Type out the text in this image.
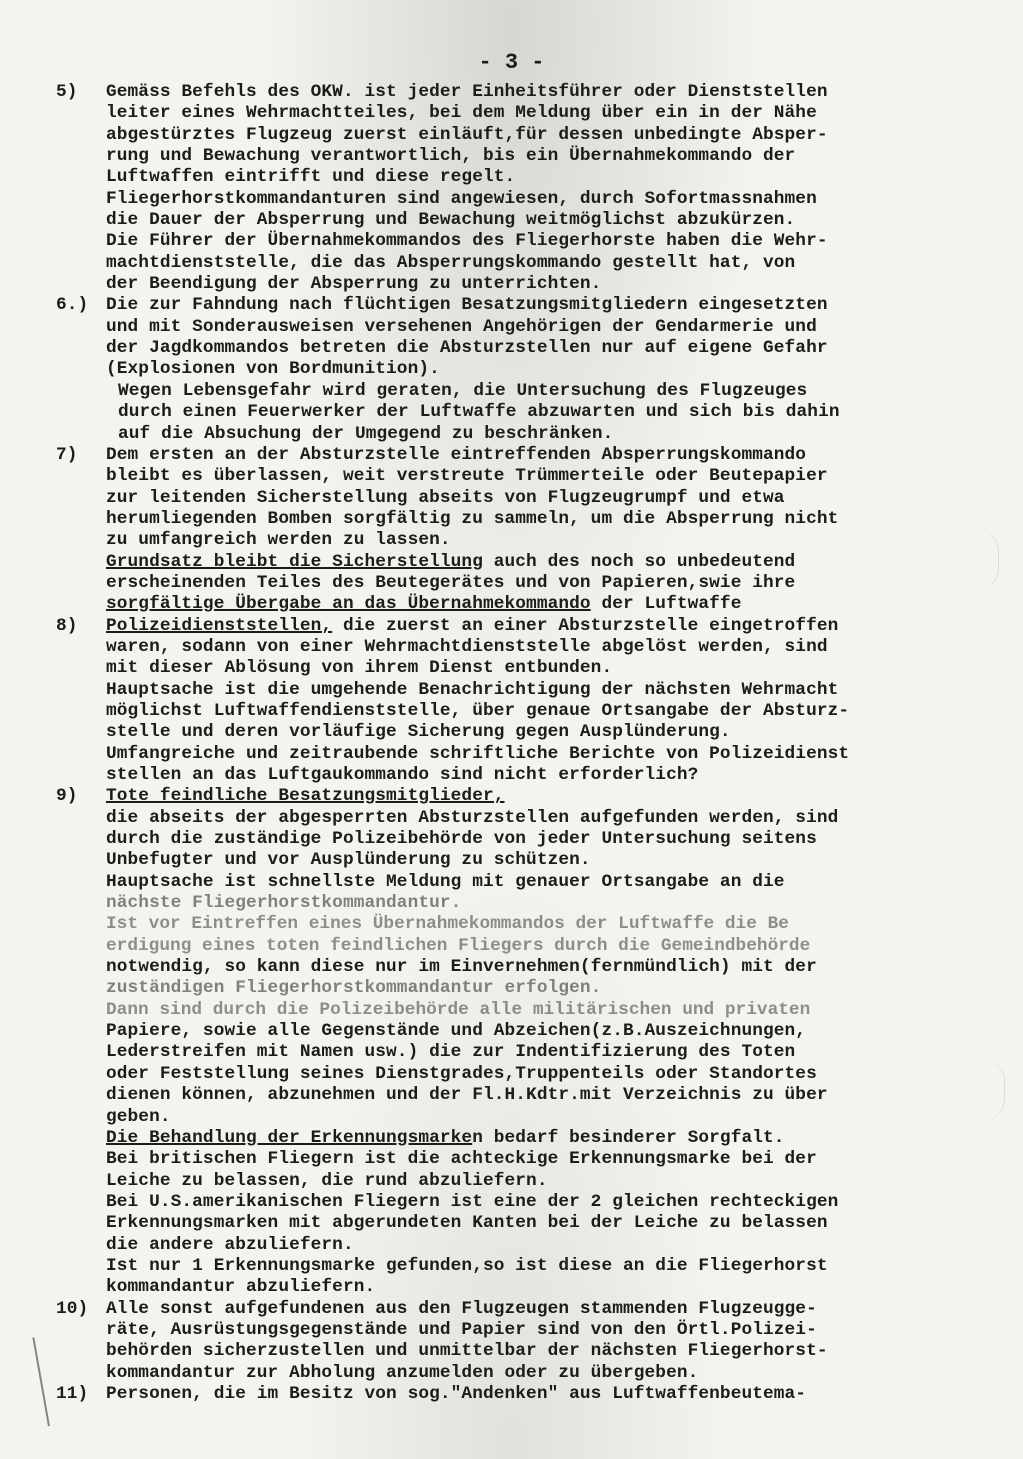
- 3 -
5)	Gemäss Befehls des OKW. ist jeder Einheitsführer oder Dienststellen
leiter eines Wehrmachtteiles, bei dem Meldung über ein in der Nähe
abgestürztes Flugzeug zuerst einläuft,für dessen unbedingte Absper-
rung und Bewachung verantwortlich, bis ein Übernahmekommando der
Luftwaffen eintrifft und diese regelt.
Fliegerhorstkommandanturen sind angewiesen, durch Sofortmassnahmen
die Dauer der Absperrung und Bewachung weitmöglichst abzukürzen.
Die Führer der Übernahmekommandos des Fliegerhorste haben die Wehr-
machtdienststelle, die das Absperrungskommando gestellt hat, von
der Beendigung der Absperrung zu unterrichten.
6.) Die zur Fahndung nach flüchtigen Besatzungsmitgliedern eingesetzten
und mit Sonderausweisen versehenen Angehörigen der Gendarmerie und
der Jagdkommandos betreten die Absturzstellen nur auf eigene Gefahr
(Explosionen von Bordmunition).
Wegen Lebensgefahr wird geraten, die Untersuchung des Flugzeuges
durch einen Feuerwerker der Luftwaffe abzuwarten und sich bis dahin
auf die Absuchung der Umgegend zu beschränken.
7)	Dem ersten an der Absturzstelle eintreffenden Absperrungskommando
bleibt es überlassen, weit verstreute Trümmerteile oder Beutepapier
zur leitenden Sicherstellung abseits von Flugzeugrumpf und etwa
herumliegenden Bomben sorgfältig zu sammeln, um die Absperrung nicht
zu umfangreich werden zu lassen.
Grundsatz bleibt die Sicherstellung auch des noch so unbedeutend
erscheinenden Teiles des Beutegerätes und von Papieren,swie ihre
sorgfältige Übergabe an das Übernahmekommando der Luftwaffe
8)	Polizeidienststellen, die zuerst an einer Absturzstelle eingetroffen
waren, sodann von einer Wehrmachtdienststelle abgelöst werden, sind
mit dieser Ablösung von ihrem Dienst entbunden.
Hauptsache ist die umgehende Benachrichtigung der nächsten Wehrmacht
möglichst Luftwaffendienststelle, über genaue Ortsangabe der Absturz-
stelle und deren vorläufige Sicherung gegen Ausplünderung.
Umfangreiche und zeitraubende schriftliche Berichte von Polizeidienst
stellen an das Luftgaukommando sind nicht erforderlich?
9)	Tote feindliche Besatzungsmitglieder,
die abseits der abgesperrten Absturzstellen aufgefunden werden, sind
durch die zuständige Polizeibehörde von jeder Untersuchung seitens
Unbefugter und vor Ausplünderung zu schützen.
Hauptsache ist schnellste Meldung mit genauer Ortsangabe an die
nächste Fliegerhorstkommandantur.
Ist vor Eintreffen eines Übernahmekommandos der Luftwaffe die Be
erdigung eines toten feindlichen Fliegers durch die Gemeindbehörde
notwendig, so kann diese nur im Einvernehmen(fernmündlich) mit der
zuständigen Fliegerhorstkommandantur erfolgen.
Dann sind durch die Polizeibehörde alle militärischen und privaten
Papiere, sowie alle Gegenstände und Abzeichen(z.B.Auszeichnungen,
Lederstreifen mit Namen usw.) die zur Indentifizierung des Toten
oder Feststellung seines Dienstgrades,Truppenteils oder Standortes
dienen können, abzunehmen und der Fl.H.Kdtr.mit Verzeichnis zu über
geben.
Die Behandlung der Erkennungsmarken bedarf besinderer Sorgfalt.
Bei britischen Fliegern ist die achteckige Erkennungsmarke bei der
Leiche zu belassen, die rund abzuliefern.
Bei U.S.amerikanischen Fliegern ist eine der 2 gleichen rechteckigen
Erkennungsmarken mit abgerundeten Kanten bei der Leiche zu belassen
die andere abzuliefern.
Ist nur 1 Erkennungsmarke gefunden,so ist diese an die Fliegerhorst
kommandantur abzuliefern.
10) Alle sonst aufgefundenen aus den Flugzeugen stammenden Flugzeuggе-
räte, Ausrüstungsgegenstände und Papier sind von den Örtl.Polizei-
behörden sicherzustellen und unmittelbar der nächsten Fliegerhorst-
kommandantur zur Abholung anzumelden oder zu übergeben.
11) Personen, die im Besitz von sog."Andenken" aus Luftwaffenbeutema-
